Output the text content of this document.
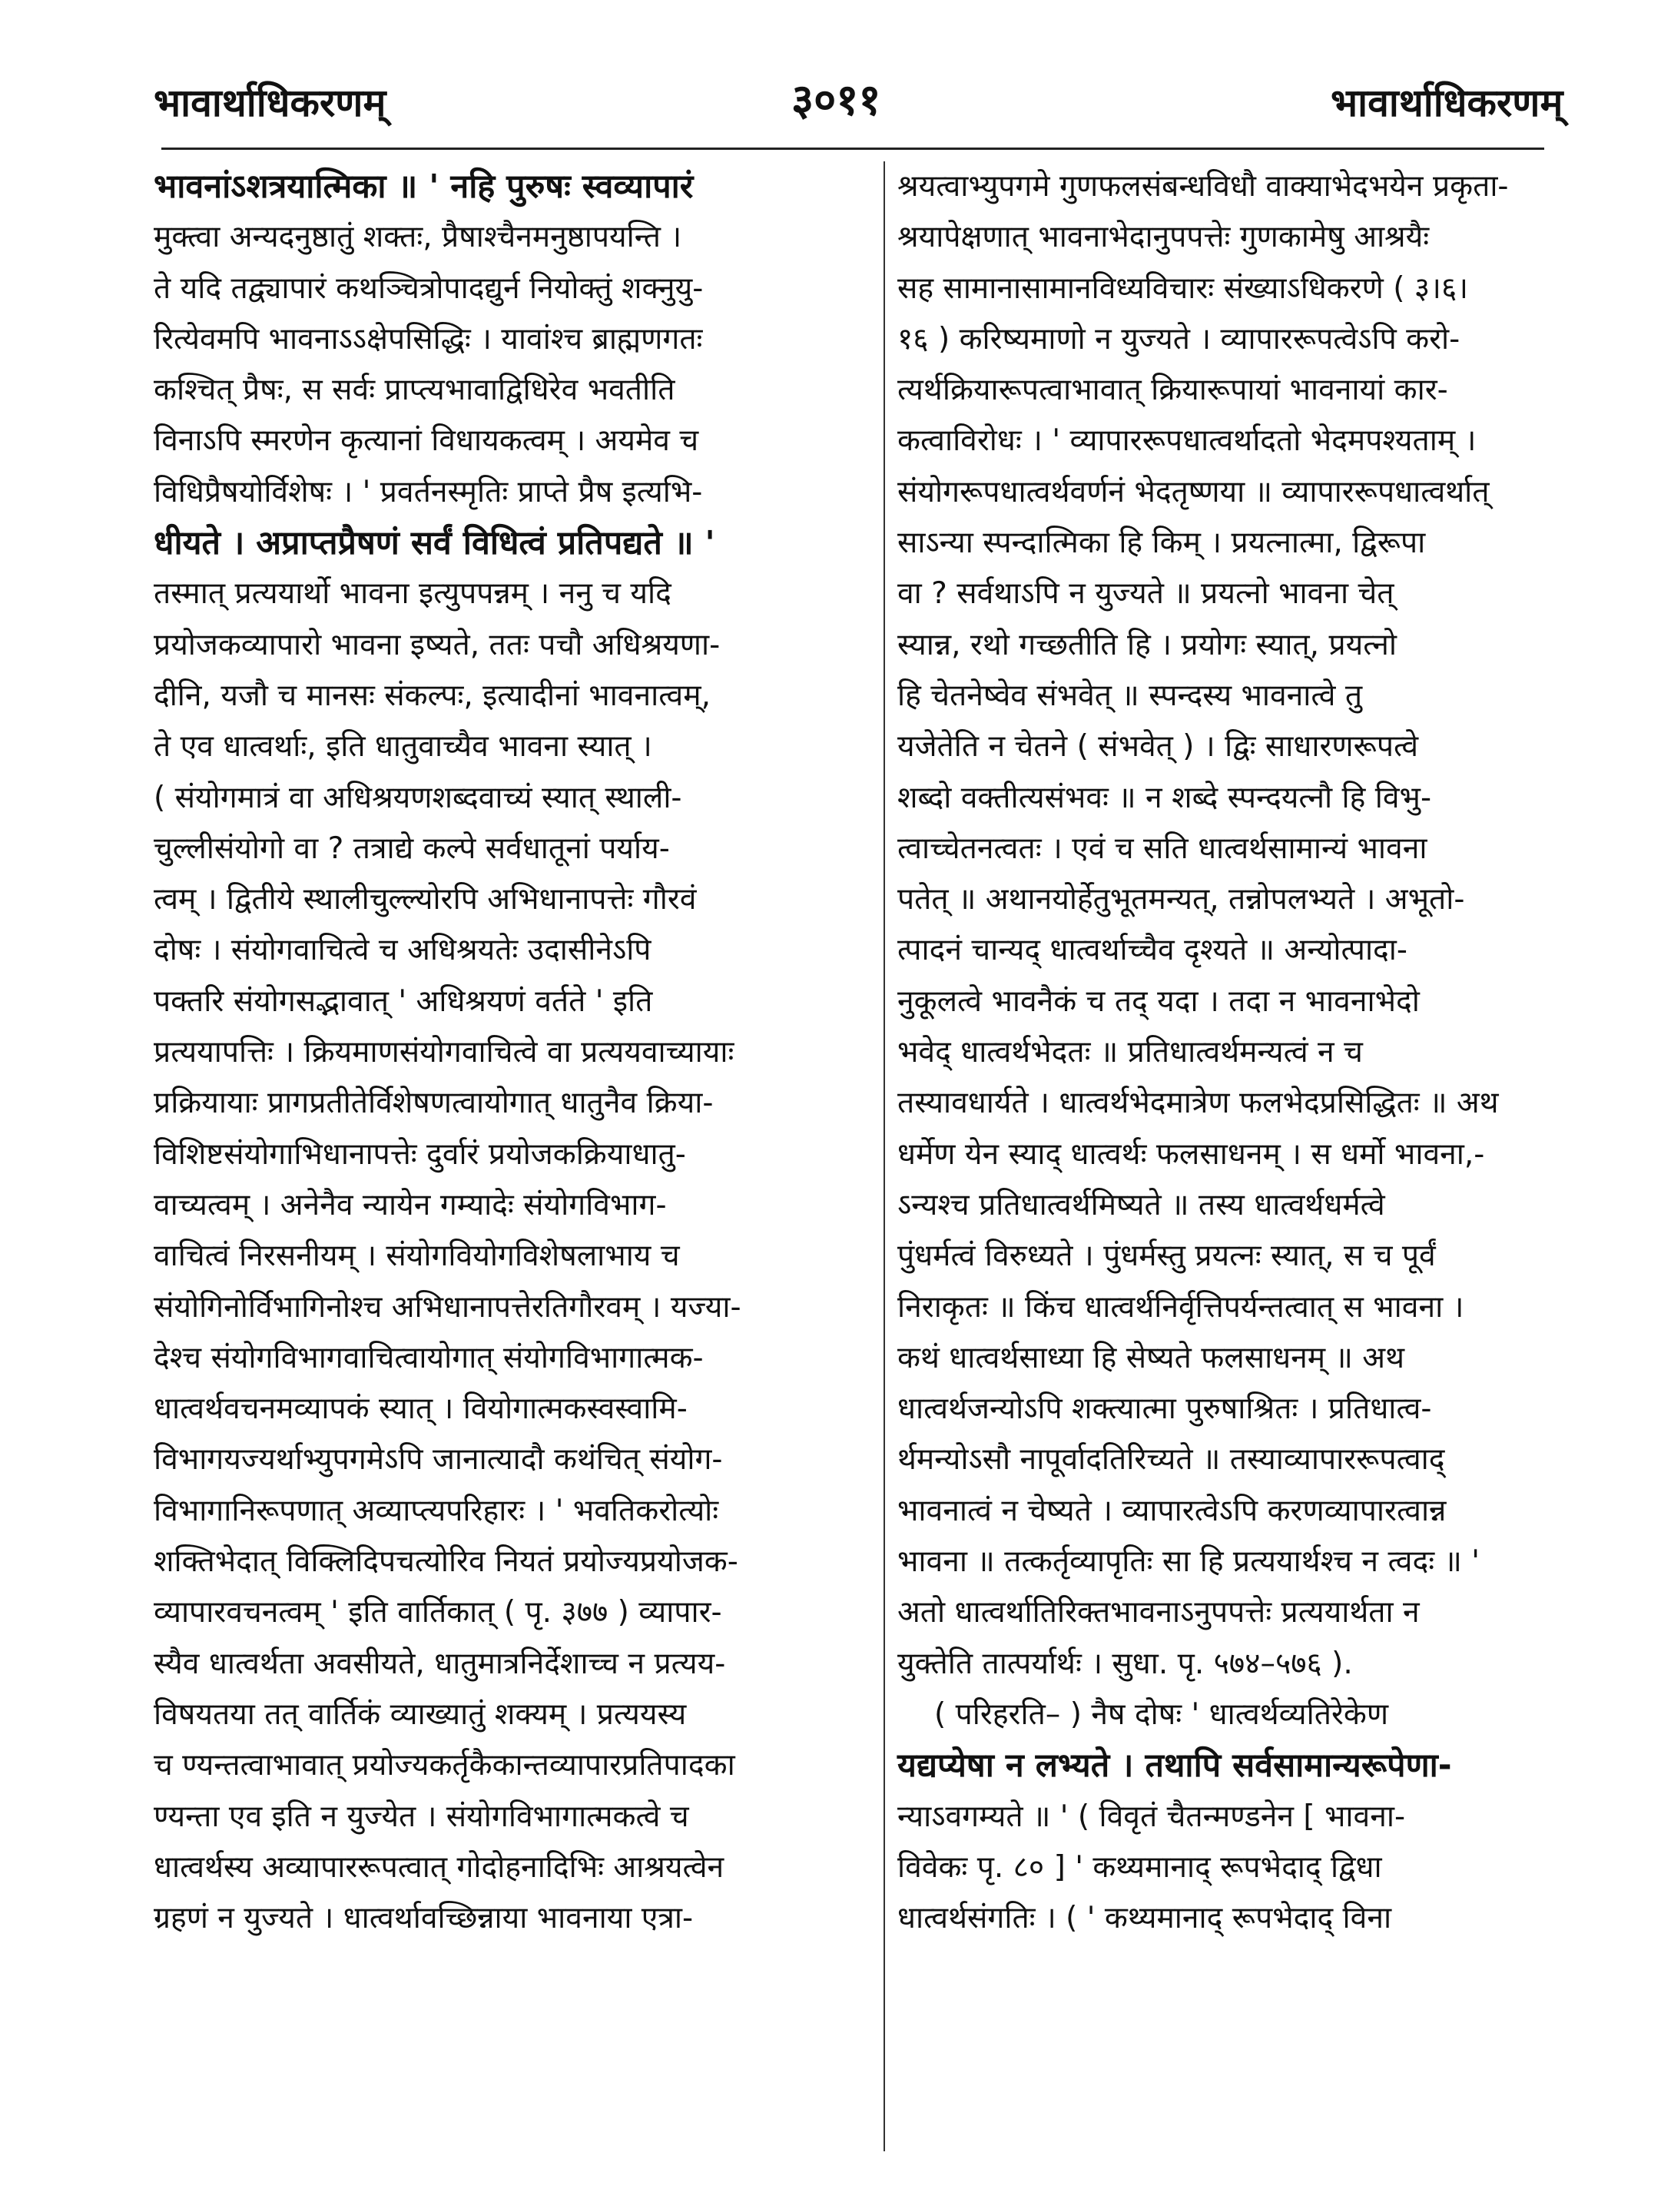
भावार्थाधिकरणम्	३०११	भावार्थाधिकरणम्
भावनांऽशत्रयात्मिका ॥ ' नहि पुरुषः स्वव्यापारं
मुक्त्वा अन्यदनुष्ठातुं शक्तः, प्रैषाश्चैनमनुष्ठापयन्ति ।
ते यदि तद्व्यापारं कथञ्चित्रोपादद्युर्न नियोक्तुं शक्नुयु-
रित्येवमपि भावनाऽऽक्षेपसिद्धिः । यावांश्च ब्राह्मणगतः
कश्चित् प्रैषः, स सर्वः प्राप्त्यभावाद्विधिरेव भवतीति
विनाऽपि स्मरणेन कृत्यानां विधायकत्वम् । अयमेव च
विधिप्रैषयोर्विशेषः । ' प्रवर्तनस्मृतिः प्राप्ते प्रैष इत्यभि-
धीयते । अप्राप्तप्रैषणं सर्वं विधित्वं प्रतिपद्यते ॥ '
तस्मात् प्रत्ययार्थो भावना इत्युपपन्नम् । ननु च यदि
प्रयोजकव्यापारो भावना इष्यते, ततः पचौ अधिश्रयणा-
दीनि, यजौ च मानसः संकल्पः, इत्यादीनां भावनात्वम्,
ते एव धात्वर्थाः, इति धातुवाच्यैव भावना स्यात् ।
( संयोगमात्रं वा अधिश्रयणशब्दवाच्यं स्यात् स्थाली-
चुल्लीसंयोगो वा ? तत्राद्ये कल्पे सर्वधातूनां पर्याय-
त्वम् । द्वितीये स्थालीचुल्ल्योरपि अभिधानापत्तेः गौरवं
दोषः । संयोगवाचित्वे च अधिश्रयतेः उदासीनेऽपि
पक्तरि संयोगसद्भावात् ' अधिश्रयणं वर्तते ' इति
प्रत्ययापत्तिः । क्रियमाणसंयोगवाचित्वे वा प्रत्ययवाच्यायाः
प्रक्रियायाः प्रागप्रतीतेर्विशेषणत्वायोगात् धातुनैव क्रिया-
विशिष्टसंयोगाभिधानापत्तेः दुर्वारं प्रयोजकक्रियाधातु-
वाच्यत्वम् । अनेनैव न्यायेन गम्यादेः संयोगविभाग-
वाचित्वं निरसनीयम् । संयोगवियोगविशेषलाभाय च
संयोगिनोर्विभागिनोश्च अभिधानापत्तेरतिगौरवम् । यज्या-
देश्च संयोगविभागवाचित्वायोगात् संयोगविभागात्मक-
धात्वर्थवचनमव्यापकं स्यात् । वियोगात्मकस्वस्वामि-
विभागयज्यर्थाभ्युपगमेऽपि जानात्यादौ कथंचित् संयोग-
विभागानिरूपणात् अव्याप्त्यपरिहारः । ' भवतिकरोत्योः
शक्तिभेदात् विक्लिदिपचत्योरिव नियतं प्रयोज्यप्रयोजक-
व्यापारवचनत्वम् ' इति वार्तिकात् ( पृ. ३७७ ) व्यापार-
स्यैव धात्वर्थता अवसीयते, धातुमात्रनिर्देशाच्च न प्रत्यय-
विषयतया तत् वार्तिकं व्याख्यातुं शक्यम् । प्रत्ययस्य
च ण्यन्तत्वाभावात् प्रयोज्यकर्तृकैकान्तव्यापारप्रतिपादका
ण्यन्ता एव इति न युज्येत । संयोगविभागात्मकत्वे च
धात्वर्थस्य अव्यापाररूपत्वात् गोदोहनादिभिः आश्रयत्वेन
ग्रहणं न युज्यते । धात्वर्थावच्छिन्नाया भावनाया एत्रा-
श्रयत्वाभ्युपगमे गुणफलसंबन्धविधौ वाक्याभेदभयेन प्रकृता-
श्रयापेक्षणात् भावनाभेदानुपपत्तेः गुणकामेषु आश्रयैः
सह सामानासामानविध्यविचारः संख्याऽधिकरणे ( ३।६।
१६ ) करिष्यमाणो न युज्यते । व्यापाररूपत्वेऽपि करो-
त्यर्थक्रियारूपत्वाभावात् क्रियारूपायां भावनायां कार-
कत्वाविरोधः । ' व्यापाररूपधात्वर्थादतो भेदमपश्यताम् ।
संयोगरूपधात्वर्थवर्णनं भेदतृष्णया ॥ व्यापाररूपधात्वर्थात्
साऽन्या स्पन्दात्मिका हि किम् । प्रयत्नात्मा, द्विरूपा
वा ? सर्वथाऽपि न युज्यते ॥ प्रयत्नो भावना चेत्
स्यान्न, रथो गच्छतीति हि । प्रयोगः स्यात्, प्रयत्नो
हि चेतनेष्वेव संभवेत् ॥ स्पन्दस्य भावनात्वे तु
यजेतेति न चेतने ( संभवेत् ) । द्विः साधारणरूपत्वे
शब्दो वक्तीत्यसंभवः ॥ न शब्दे स्पन्दयत्नौ हि विभु-
त्वाच्चेतनत्वतः । एवं च सति धात्वर्थसामान्यं भावना
पतेत् ॥ अथानयोर्हेतुभूतमन्यत्, तन्नोपलभ्यते । अभूतो-
त्पादनं चान्यद् धात्वर्थाच्चैव दृश्यते ॥ अन्योत्पादा-
नुकूलत्वे भावनैकं च तद् यदा । तदा न भावनाभेदो
भवेद् धात्वर्थभेदतः ॥ प्रतिधात्वर्थमन्यत्वं न च
तस्यावधार्यते । धात्वर्थभेदमात्रेण फलभेदप्रसिद्धितः ॥ अथ
धर्मेण येन स्याद् धात्वर्थः फलसाधनम् । स धर्मो भावना,-
ऽन्यश्च प्रतिधात्वर्थमिष्यते ॥ तस्य धात्वर्थधर्मत्वे
पुंधर्मत्वं विरुध्यते । पुंधर्मस्तु प्रयत्नः स्यात्, स च पूर्वं
निराकृतः ॥ किंच धात्वर्थनिर्वृत्तिपर्यन्तत्वात् स भावना ।
कथं धात्वर्थसाध्या हि सेष्यते फलसाधनम् ॥ अथ
धात्वर्थजन्योऽपि शक्त्यात्मा पुरुषाश्रितः । प्रतिधात्व-
र्थमन्योऽसौ नापूर्वादतिरिच्यते ॥ तस्याव्यापाररूपत्वाद्
भावनात्वं न चेष्यते । व्यापारत्वेऽपि करणव्यापारत्वान्न
भावना ॥ तत्कर्तृव्यापृतिः सा हि प्रत्ययार्थश्च न त्वदः ॥ '
अतो धात्वर्थातिरिक्तभावनाऽनुपपत्तेः प्रत्ययार्थता न
युक्तेति तात्पर्यार्थः । सुधा. पृ. ५७४–५७६ ).
( परिहरति– ) नैष दोषः ' धात्वर्थव्यतिरेकेण
यद्यप्येषा न लभ्यते । तथापि सर्वसामान्यरूपेणा-
न्याऽवगम्यते ॥ ' ( विवृतं चैतन्मण्डनेन [ भावना-
विवेकः पृ. ८० ] ' कथ्यमानाद् रूपभेदाद् द्विधा
धात्वर्थसंगतिः । ( ' कथ्यमानाद् रूपभेदाद् विना
